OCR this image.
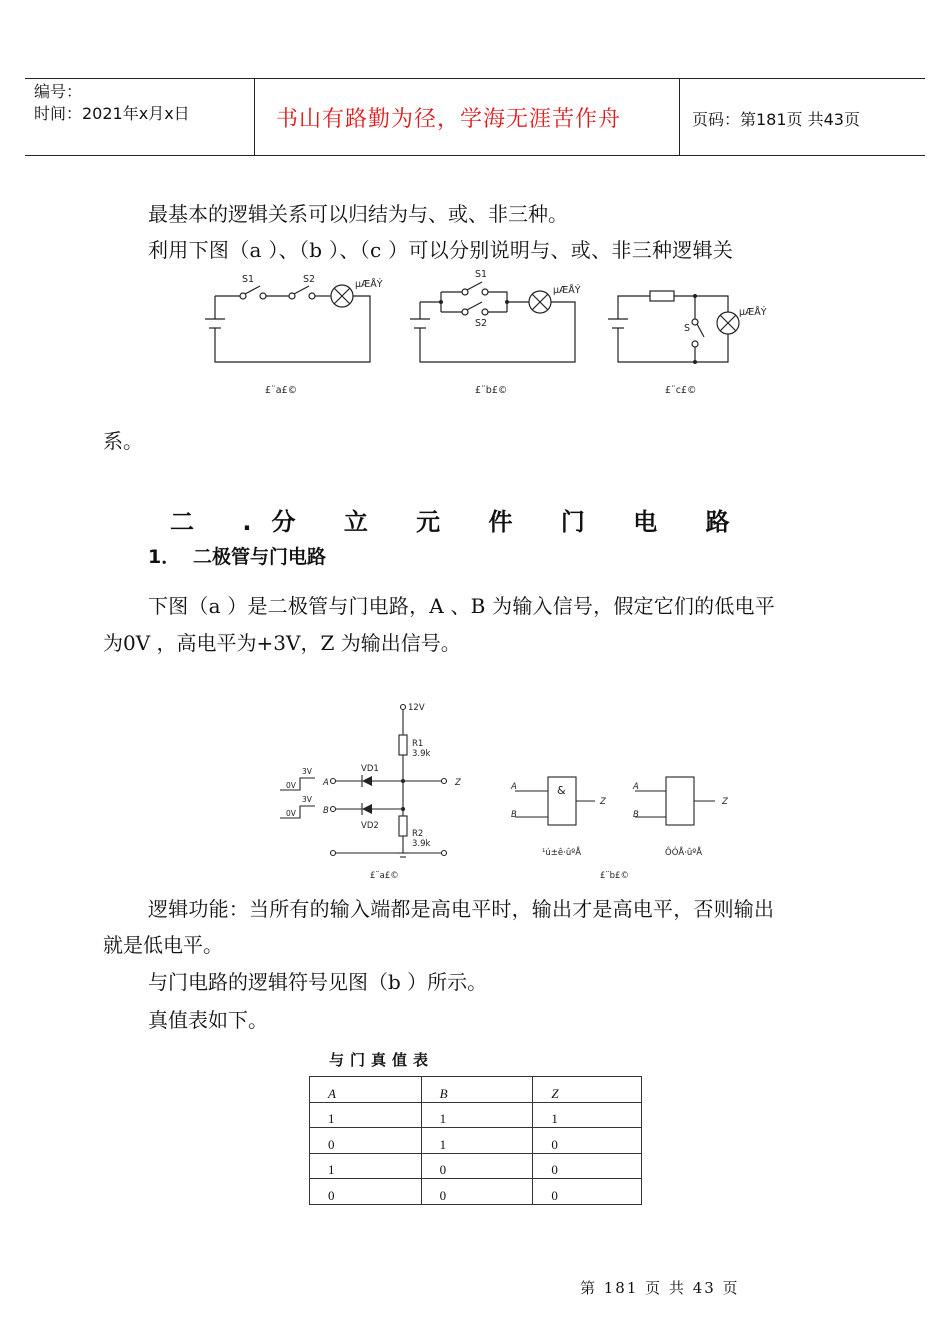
编号：
时间：2021年x月x日	书山有路勤为径，学海无涯苦作舟	页码：第181页 共43页
最基本的逻辑关系可以归结为与、或、非三种。
利用下图（a ）、（b ）、（c ）可以分别说明与、或、非三种逻辑关
S1	S2	µÆÅÝ
£¨a£©
S1
S2
µÆÅÝ
£¨b£©
S
µÆÅÝ
£¨c£©
系。
二 .分 立 元 件 门 电 路
1． 二极管与门电路
下图（a ）是二极管与门电路，A 、B 为输入信号，假定它们的低电平
为0V ，高电平为+3V，Z 为输出信号。
12V
R1
3.9k
R2
3.9k
VD1
VD2
A
B
Z
3V
0V
3V
0V
£¨a£©
A
B
Z
&
¹ú±ê·ûºÅ
A
B
Z
ÔÓÅ·ûºÅ
£¨b£©
逻辑功能：当所有的输入端都是高电平时，输出才是高电平，否则输出
就是低电平。
与门电路的逻辑符号见图（b ）所示。
真值表如下。
与门真值表
A	B	Z
1	1	1
0	1	0
1	0	0
0	0	0
第 181 页 共 43 页
